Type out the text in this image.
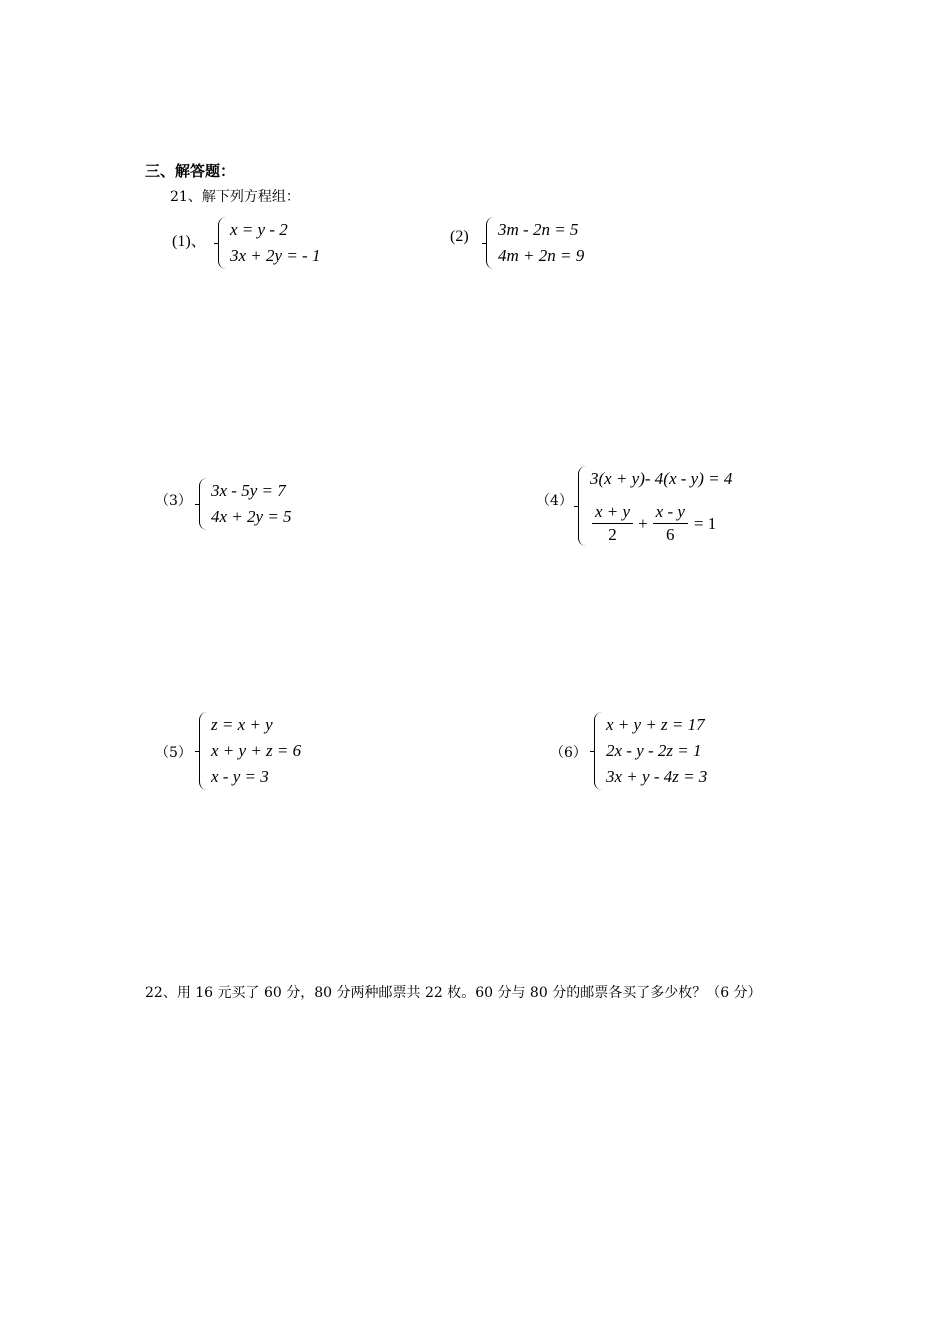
三、解答题：
21、解下列方程组：
(1)、
x = y - 2
3x + 2y = - 1
(2) 3m - 2n = 5
4m + 2n = 9
（3）
3x - 5y = 7
4x + 2y = 5
（4）
3(x + y)- 4(x - y) = 4
$\frac{x + y}{2} + \frac{x - y}{6} = 1$
（5）
z = x + y
x + y + z = 6
x - y = 3
（6）
x + y + z = 17
2x - y - 2z = 1
3x + y - 4z = 3
22、用 16 元买了 60 分，80 分两种邮票共 22 枚。60 分与 80 分的邮票各买了多少枚？（6 分）
